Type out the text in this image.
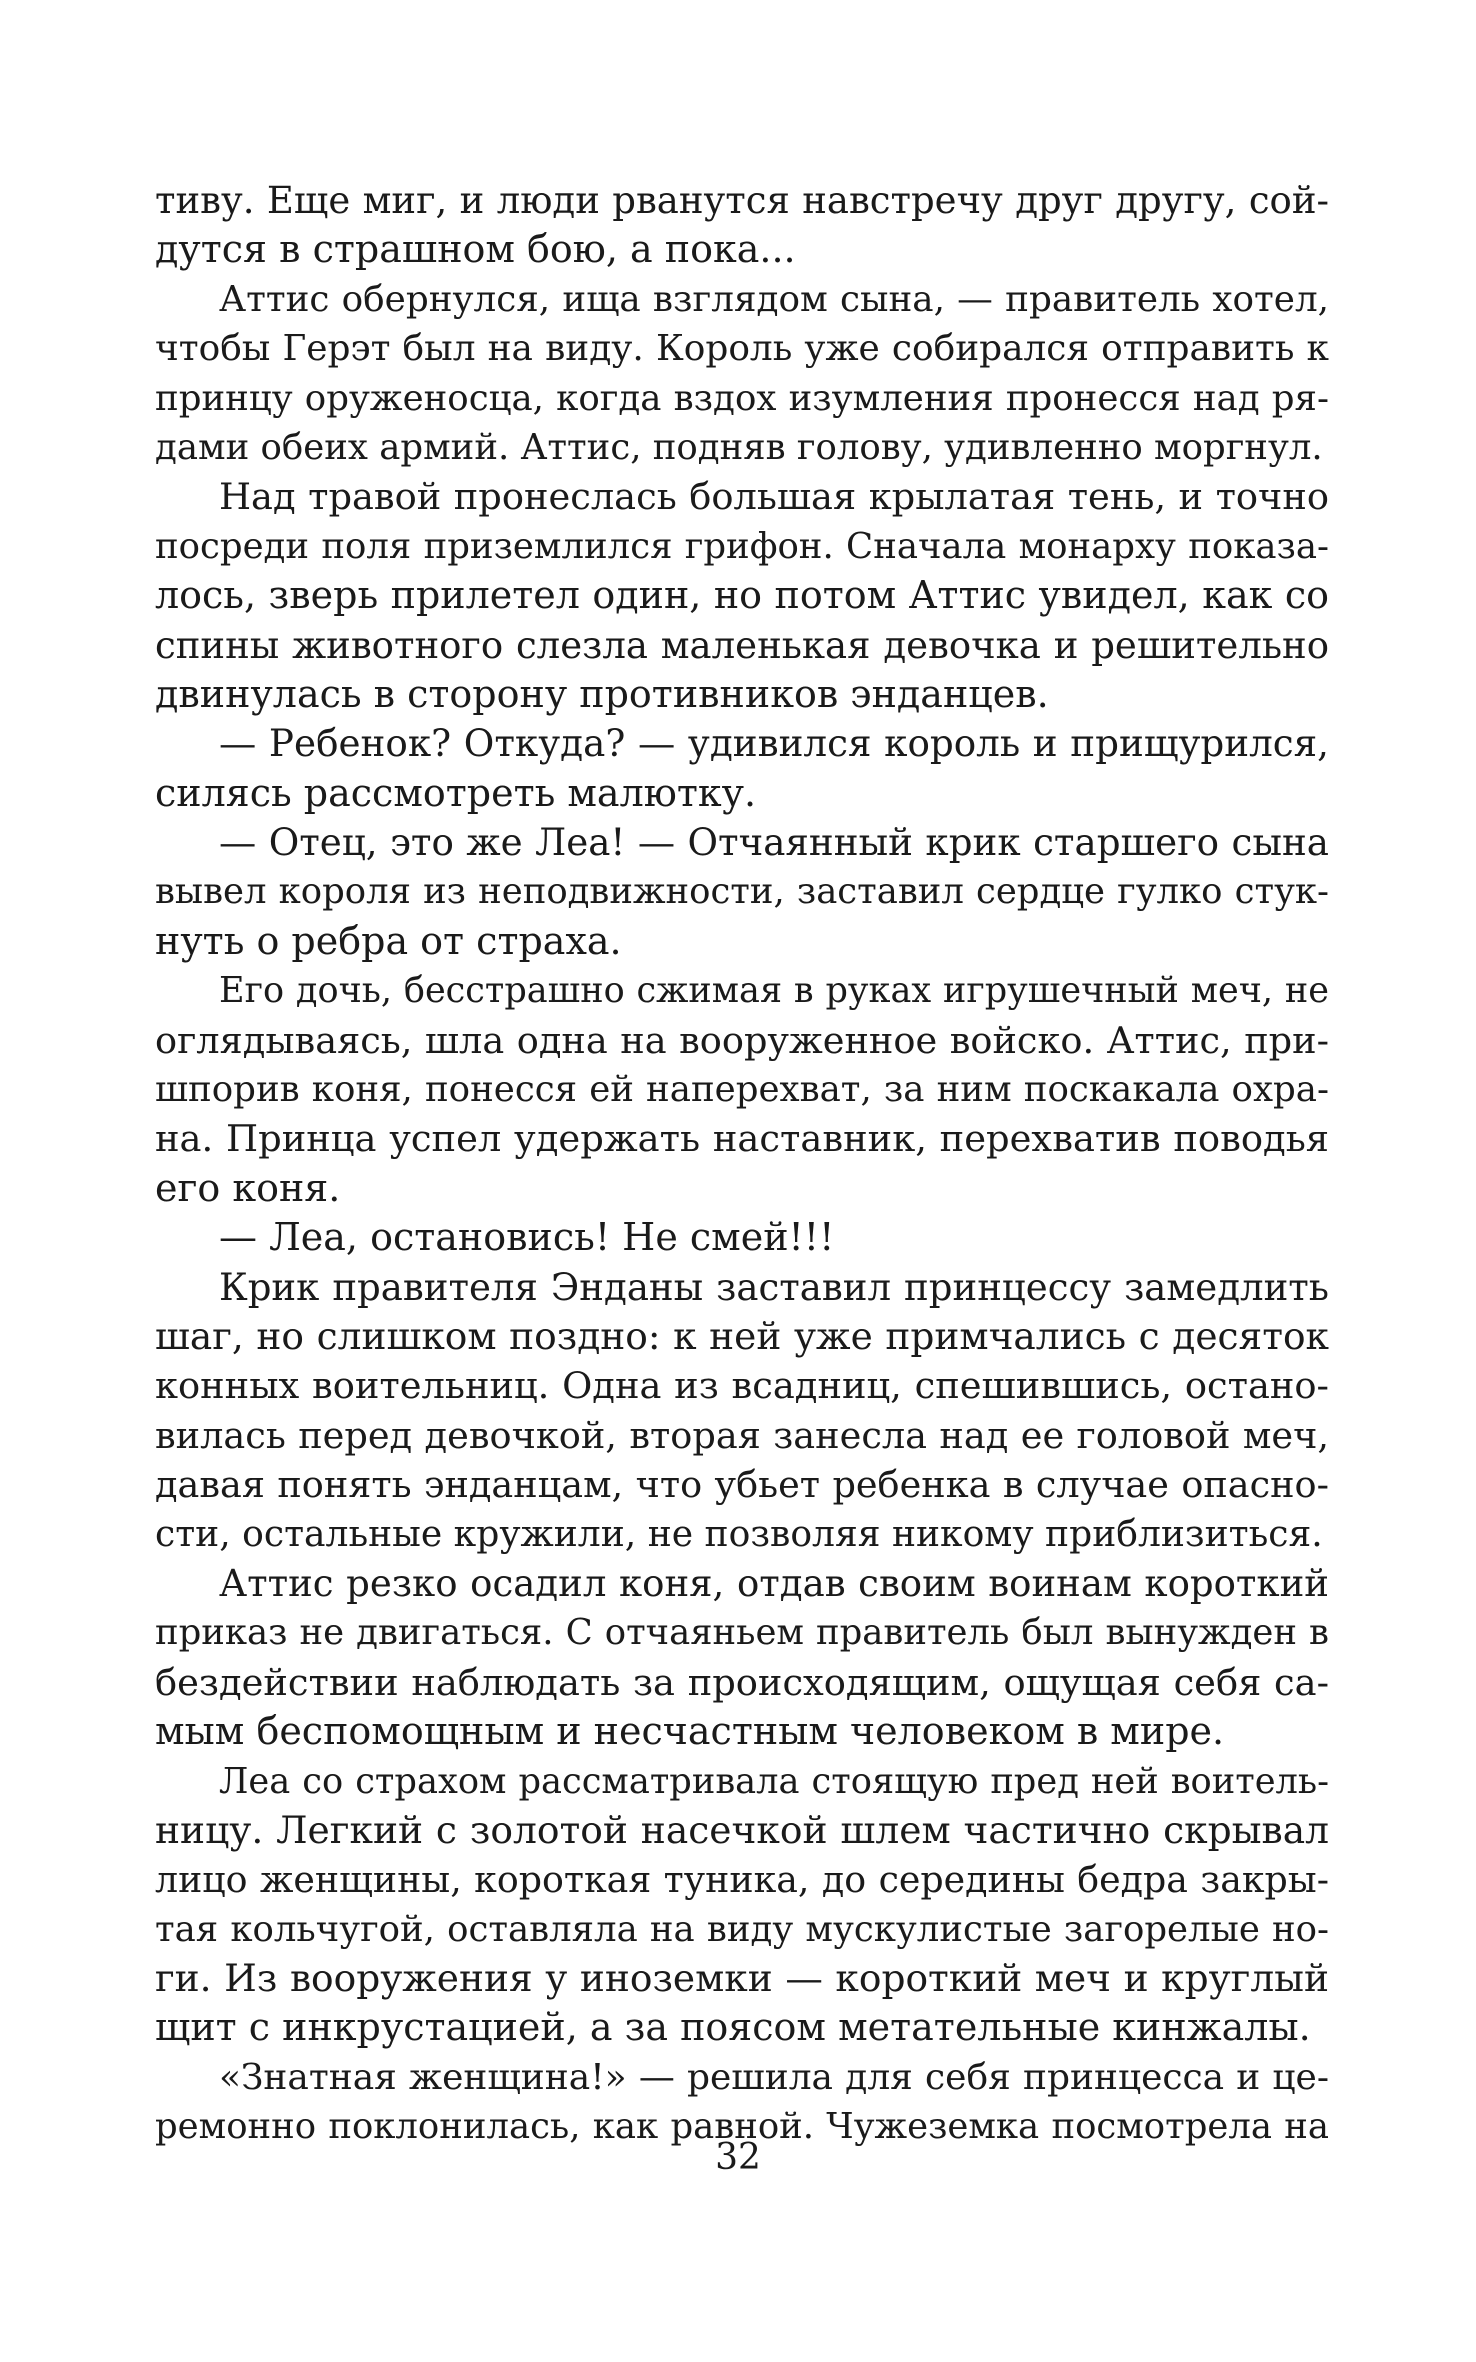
тиву. Еще миг, и люди рванутся навстречу друг другу, сой-
дутся в страшном бою, а пока...
Аттис обернулся, ища взглядом сына, — правитель хотел,
чтобы Герэт был на виду. Король уже собирался отправить к
принцу оруженосца, когда вздох изумления пронесся над ря-
дами обеих армий. Аттис, подняв голову, удивленно моргнул.
Над травой пронеслась большая крылатая тень, и точно
посреди поля приземлился грифон. Сначала монарху показа-
лось, зверь прилетел один, но потом Аттис увидел, как со
спины животного слезла маленькая девочка и решительно
двинулась в сторону противников энданцев.
— Ребенок? Откуда? — удивился король и прищурился,
силясь рассмотреть малютку.
— Отец, это же Леа! — Отчаянный крик старшего сына
вывел короля из неподвижности, заставил сердце гулко стук-
нуть о ребра от страха.
Его дочь, бесстрашно сжимая в руках игрушечный меч, не
оглядываясь, шла одна на вооруженное войско. Аттис, при-
шпорив коня, понесся ей наперехват, за ним поскакала охра-
на. Принца успел удержать наставник, перехватив поводья
его коня.
— Леа, остановись! Не смей!!!
Крик правителя Энданы заставил принцессу замедлить
шаг, но слишком поздно: к ней уже примчались с десяток
конных воительниц. Одна из всадниц, спешившись, остано-
вилась перед девочкой, вторая занесла над ее головой меч,
давая понять энданцам, что убьет ребенка в случае опасно-
сти, остальные кружили, не позволяя никому приблизиться.
Аттис резко осадил коня, отдав своим воинам короткий
приказ не двигаться. С отчаяньем правитель был вынужден в
бездействии наблюдать за происходящим, ощущая себя са-
мым беспомощным и несчастным человеком в мире.
Леа со страхом рассматривала стоящую пред ней воитель-
ницу. Легкий с золотой насечкой шлем частично скрывал
лицо женщины, короткая туника, до середины бедра закры-
тая кольчугой, оставляла на виду мускулистые загорелые но-
ги. Из вооружения у иноземки — короткий меч и круглый
щит с инкрустацией, а за поясом метательные кинжалы.
«Знатная женщина!» — решила для себя принцесса и це-
ремонно поклонилась, как равной. Чужеземка посмотрела на
32
